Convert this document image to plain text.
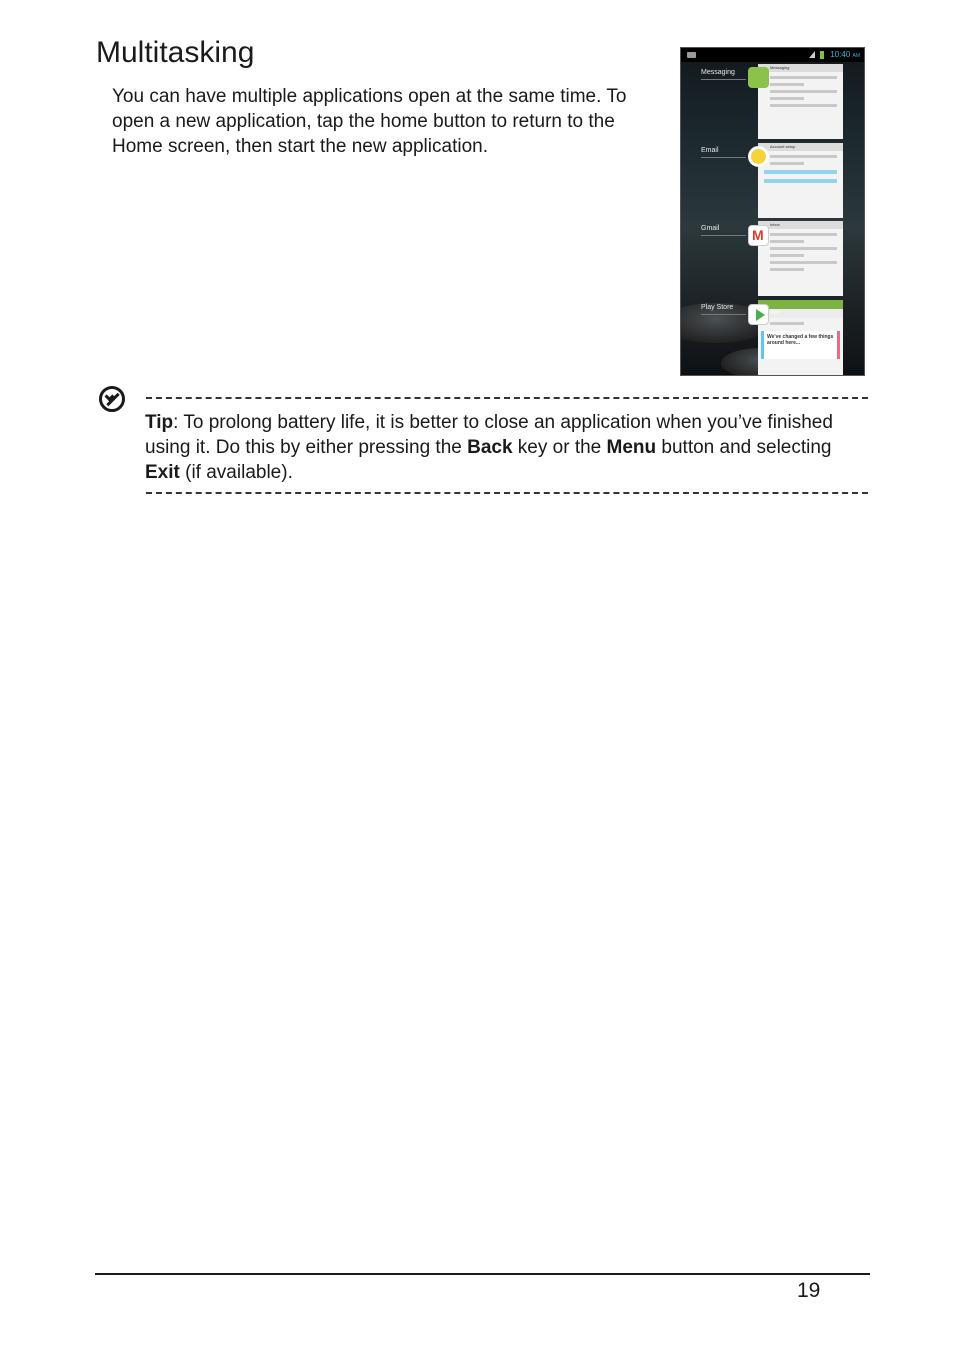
Multitasking

You can have multiple applications open at the same time. To open a new application, tap the home button to return to the Home screen, then start the new application.

10:40 AM
Messaging
Messaging
Email
Account setup
Gmail
Inbox
M
Play Store
Apps
We've changed a few things around here...

Tip: To prolong battery life, it is better to close an application when you’ve finished using it. Do this by either pressing the Back key or the Menu button and selecting Exit (if available).

19
